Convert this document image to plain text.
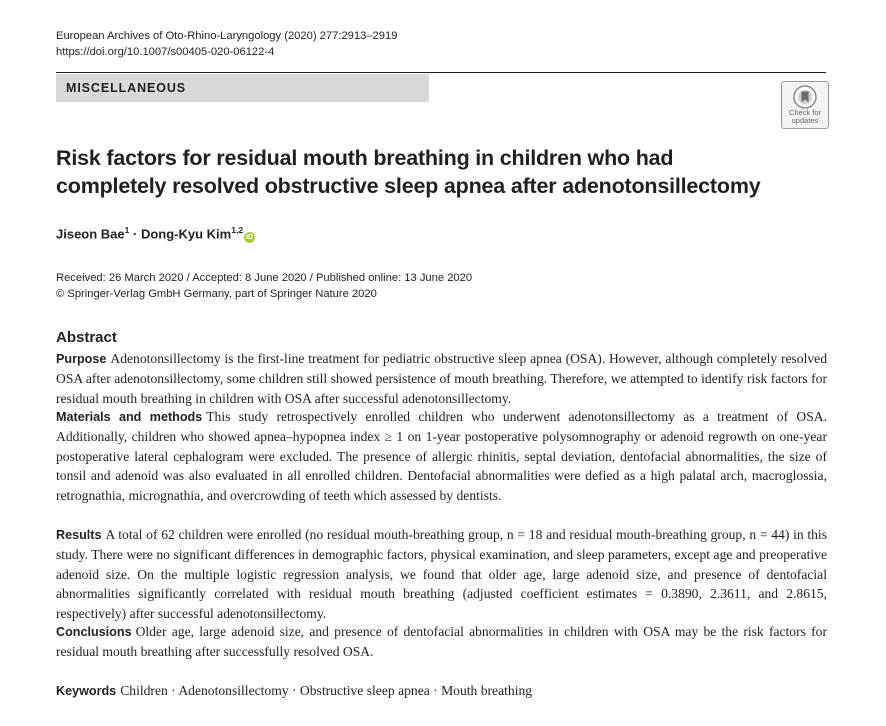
European Archives of Oto-Rhino-Laryngology (2020) 277:2913–2919
https://doi.org/10.1007/s00405-020-06122-4
MISCELLANEOUS
Check for
updates
Risk factors for residual mouth breathing in children who had
completely resolved obstructive sleep apnea after adenotonsillectomy
Jiseon Bae$^1$ · Dong-Kyu Kim$^{1,2}$iD
Received: 26 March 2020 / Accepted: 8 June 2020 / Published online: 13 June 2020
© Springer-Verlag GmbH Germany, part of Springer Nature 2020
Abstract
Purpose Adenotonsillectomy is the first-line treatment for pediatric obstructive sleep apnea (OSA). However, although completely resolved OSA after adenotonsillectomy, some children still showed persistence of mouth breathing. Therefore, we attempted to identify risk factors for residual mouth breathing in children with OSA after successful adenotonsillectomy.
Materials and methods This study retrospectively enrolled children who underwent adenotonsillectomy as a treatment of OSA. Additionally, children who showed apnea–hypopnea index ≥ 1 on 1-year postoperative polysomnography or adenoid regrowth on one-year postoperative lateral cephalogram were excluded. The presence of allergic rhinitis, septal deviation, dentofacial abnormalities, the size of tonsil and adenoid was also evaluated in all enrolled children. Dentofacial abnormalities were defied as a high palatal arch, macroglossia, retrognathia, micrognathia, and overcrowding of teeth which assessed by dentists.
Results A total of 62 children were enrolled (no residual mouth-breathing group, n = 18 and residual mouth-breathing group, n = 44) in this study. There were no significant differences in demographic factors, physical examination, and sleep parameters, except age and preoperative adenoid size. On the multiple logistic regression analysis, we found that older age, large adenoid size, and presence of dentofacial abnormalities significantly correlated with residual mouth breathing (adjusted coefficient estimates = 0.3890, 2.3611, and 2.8615, respectively) after successful adenotonsillectomy.
Conclusions Older age, large adenoid size, and presence of dentofacial abnormalities in children with OSA may be the risk factors for residual mouth breathing after successfully resolved OSA.
Keywords Children · Adenotonsillectomy · Obstructive sleep apnea · Mouth breathing
